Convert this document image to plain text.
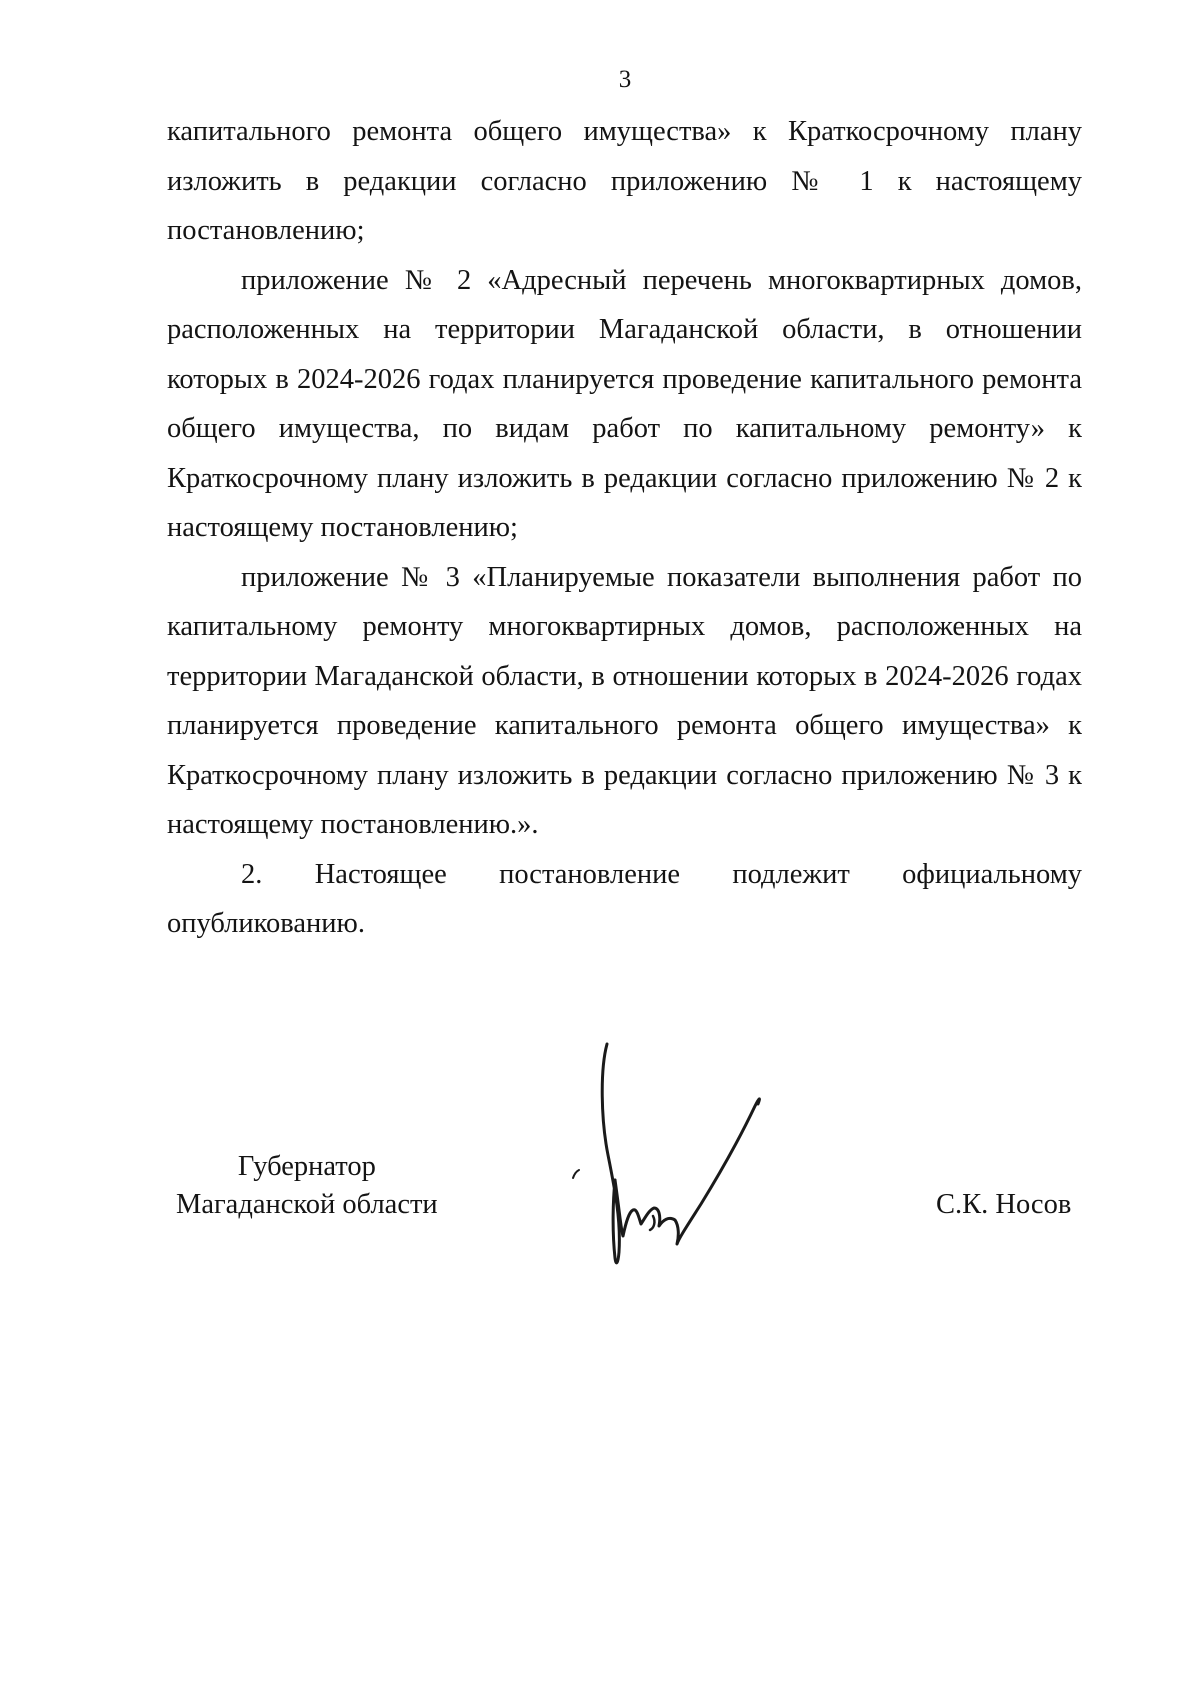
3

капитального ремонта общего имущества» к Краткосрочному плану изложить в редакции согласно приложению № 1 к настоящему постановлению;

приложение № 2 «Адресный перечень многоквартирных домов, расположенных на территории Магаданской области, в отношении которых в 2024-2026 годах планируется проведение капитального ремонта общего имущества, по видам работ по капитальному ремонту» к Краткосрочному плану изложить в редакции согласно приложению № 2 к настоящему постановлению;

приложение № 3 «Планируемые показатели выполнения работ по капитальному ремонту многоквартирных домов, расположенных на территории Магаданской области, в отношении которых в 2024-2026 годах планируется проведение капитального ремонта общего имущества» к Краткосрочному плану изложить в редакции согласно приложению № 3 к настоящему постановлению.».

2. Настоящее постановление подлежит официальному опубликованию.

Губернатор
Магаданской области	С.К. Носов
